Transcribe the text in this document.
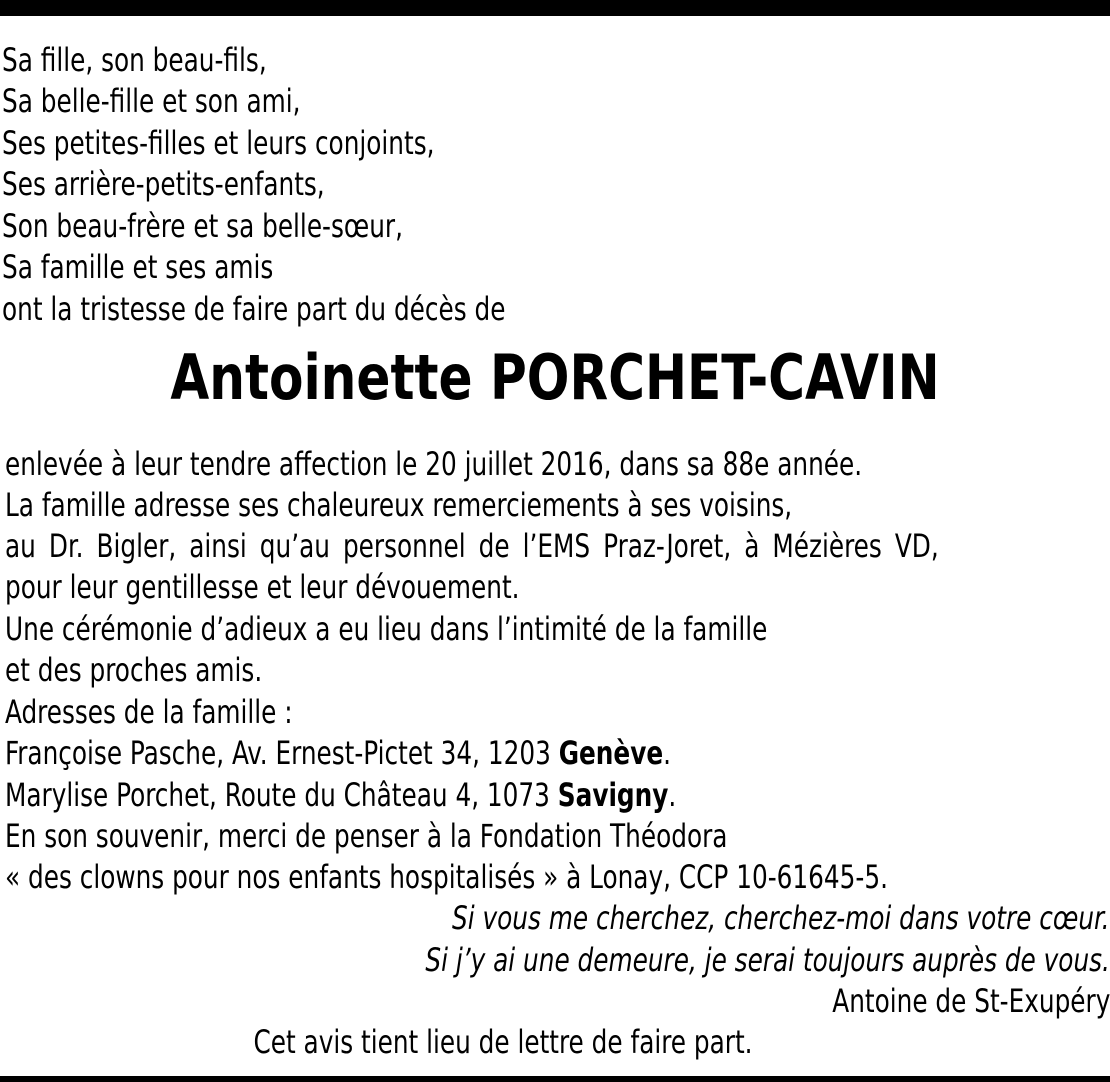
Sa fille, son beau-fils,
Sa belle-fille et son ami,
Ses petites-filles et leurs conjoints,
Ses arrière-petits-enfants,
Son beau-frère et sa belle-sœur,
Sa famille et ses amis
ont la tristesse de faire part du décès de
Antoinette PORCHET-CAVIN
enlevée à leur tendre affection le 20 juillet 2016, dans sa 88e année.
La famille adresse ses chaleureux remerciements à ses voisins,
au Dr. Bigler, ainsi qu’au personnel de l’EMS Praz-Joret, à Mézières VD,
pour leur gentillesse et leur dévouement.
Une cérémonie d’adieux a eu lieu dans l’intimité de la famille
et des proches amis.
Adresses de la famille :
Françoise Pasche, Av. Ernest-Pictet 34, 1203 Genève.
Marylise Porchet, Route du Château 4, 1073 Savigny.
En son souvenir, merci de penser à la Fondation Théodora
« des clowns pour nos enfants hospitalisés » à Lonay, CCP 10-61645-5.
Si vous me cherchez, cherchez-moi dans votre cœur.
Si j’y ai une demeure, je serai toujours auprès de vous.
Antoine de St-Exupéry
Cet avis tient lieu de lettre de faire part.
